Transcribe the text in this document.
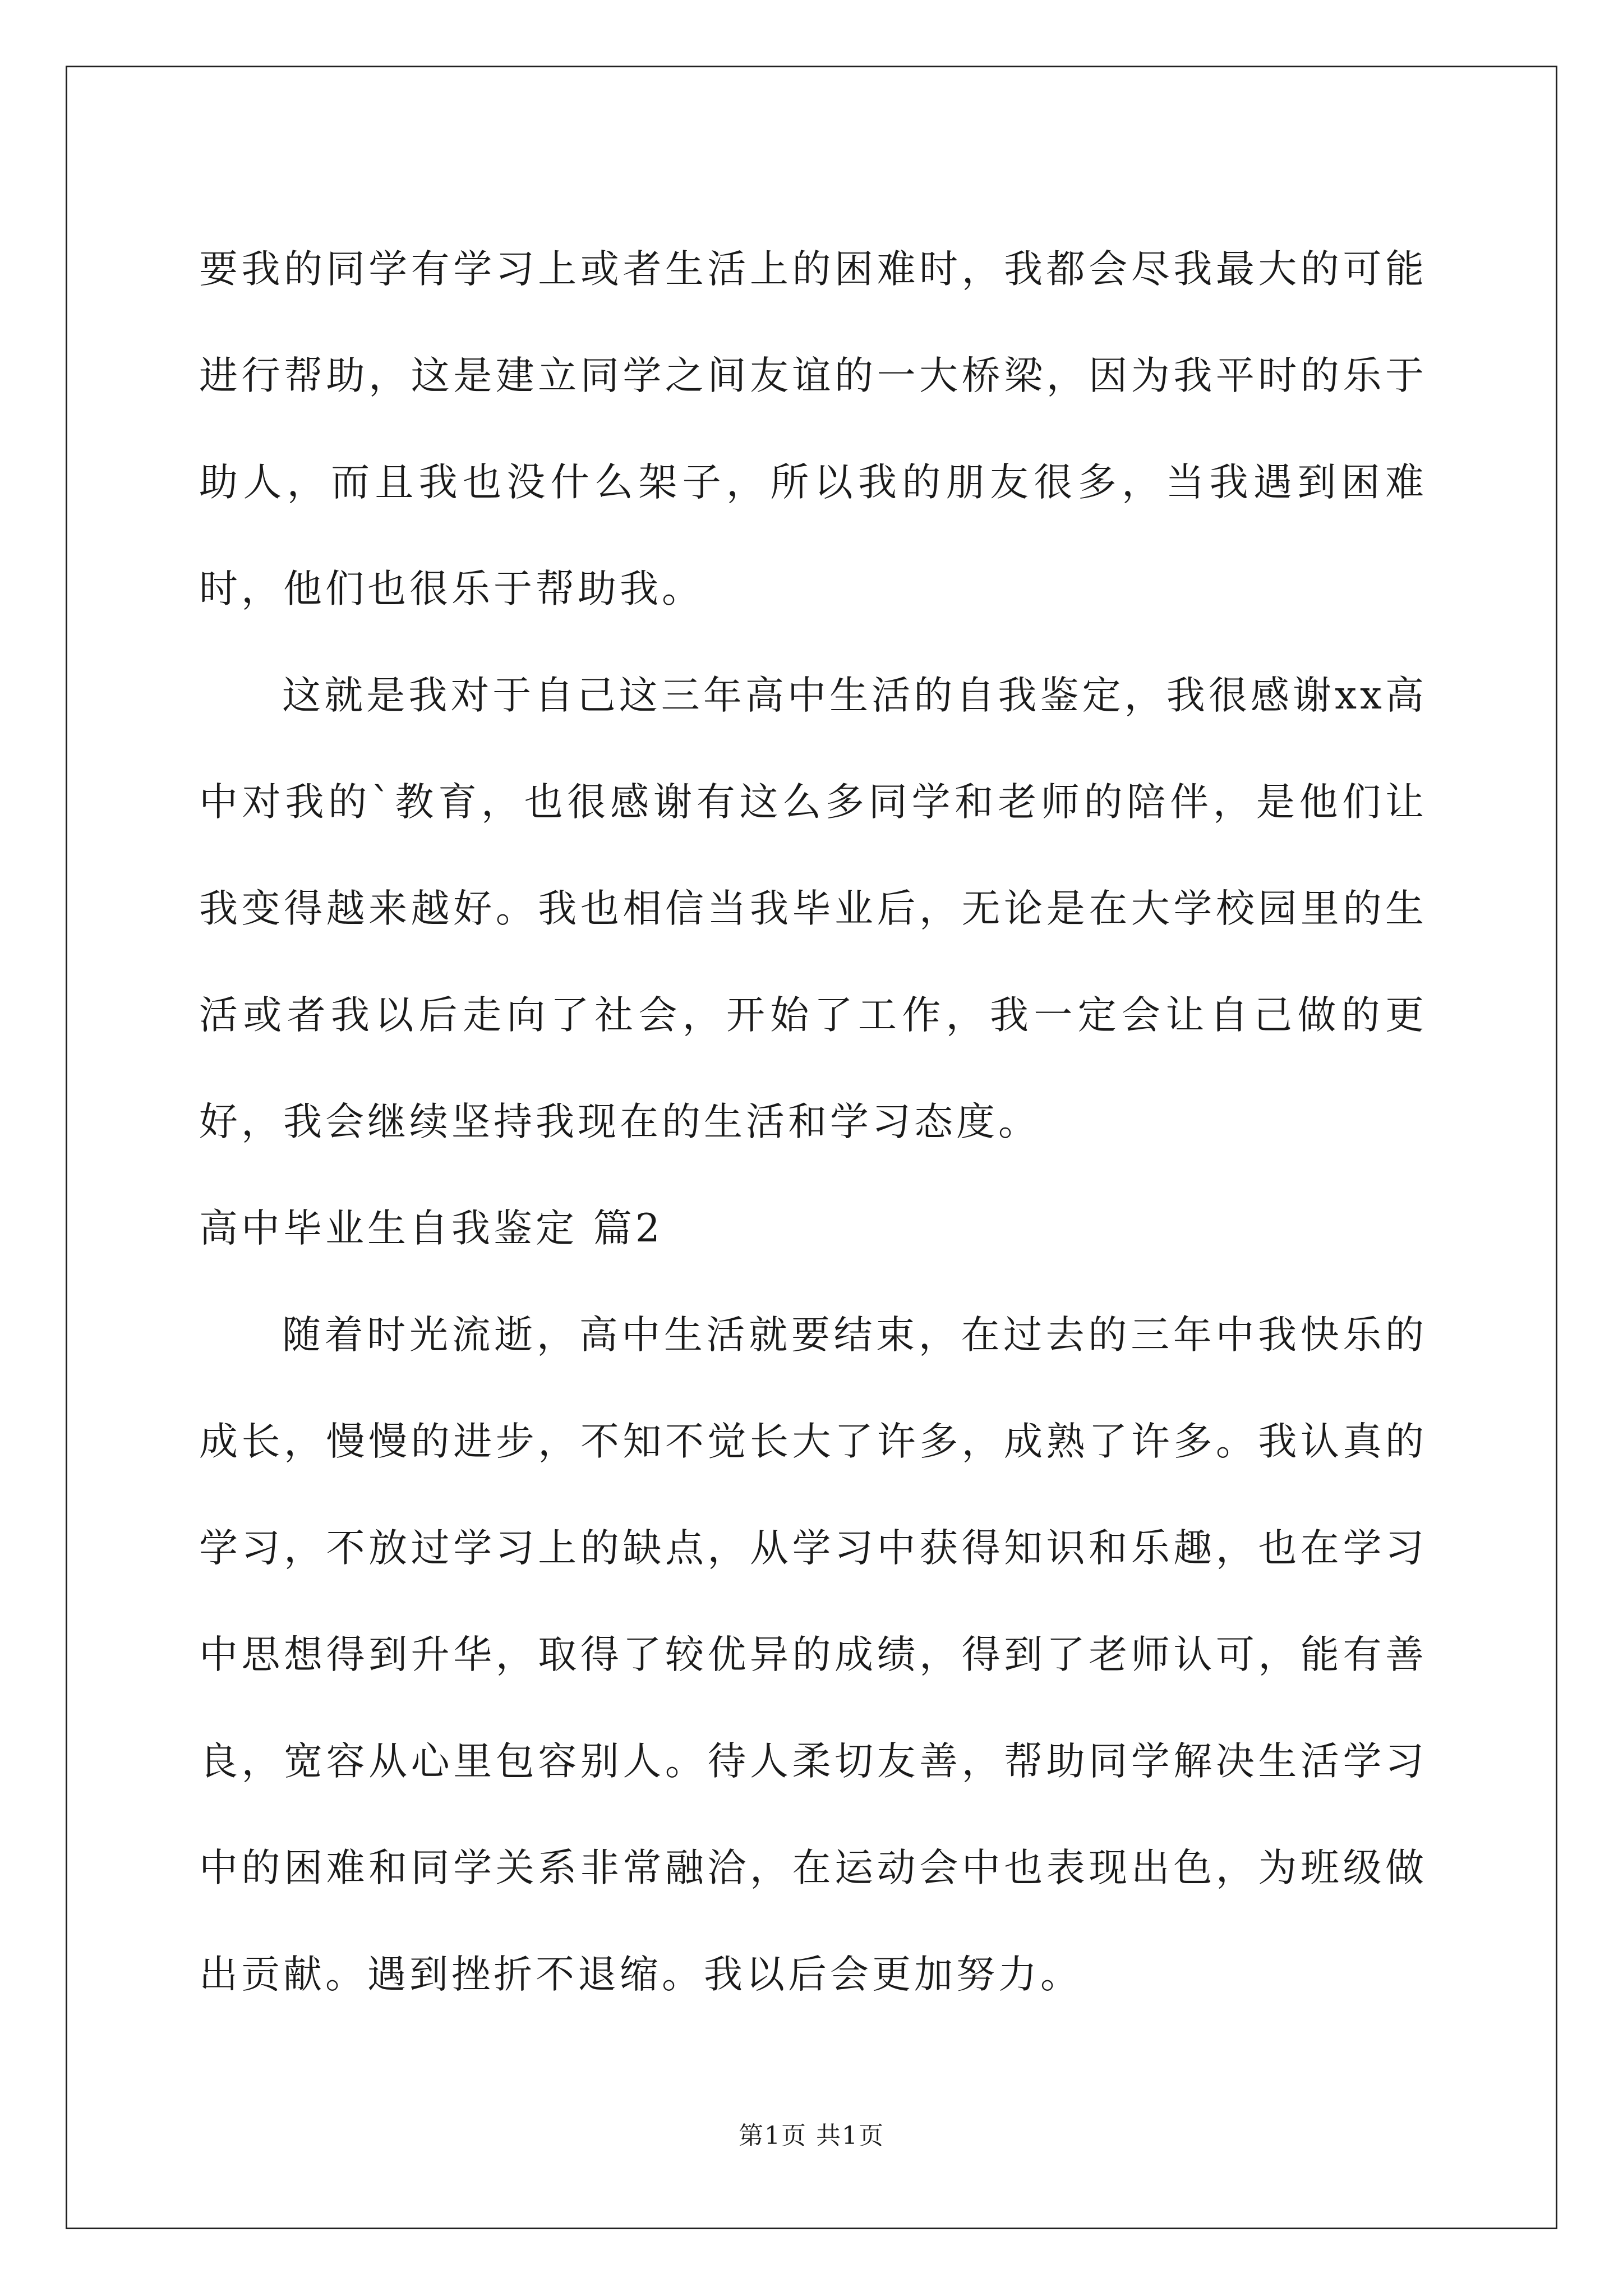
要我的同学有学习上或者生活上的困难时，我都会尽我最大的可能进行帮助，这是建立同学之间友谊的一大桥梁，因为我平时的乐于助人，而且我也没什么架子，所以我的朋友很多，当我遇到困难时，他们也很乐于帮助我。

这就是我对于自己这三年高中生活的自我鉴定，我很感谢xx高中对我的`教育，也很感谢有这么多同学和老师的陪伴，是他们让我变得越来越好。我也相信当我毕业后，无论是在大学校园里的生活或者我以后走向了社会，开始了工作，我一定会让自己做的更好，我会继续坚持我现在的生活和学习态度。

高中毕业生自我鉴定 篇2

随着时光流逝，高中生活就要结束，在过去的三年中我快乐的成长，慢慢的进步，不知不觉长大了许多，成熟了许多。我认真的学习，不放过学习上的缺点，从学习中获得知识和乐趣，也在学习中思想得到升华，取得了较优异的成绩，得到了老师认可，能有善良，宽容从心里包容别人。待人柔切友善，帮助同学解决生活学习中的困难和同学关系非常融洽，在运动会中也表现出色，为班级做出贡献。遇到挫折不退缩。我以后会更加努力。

第1页 共1页
